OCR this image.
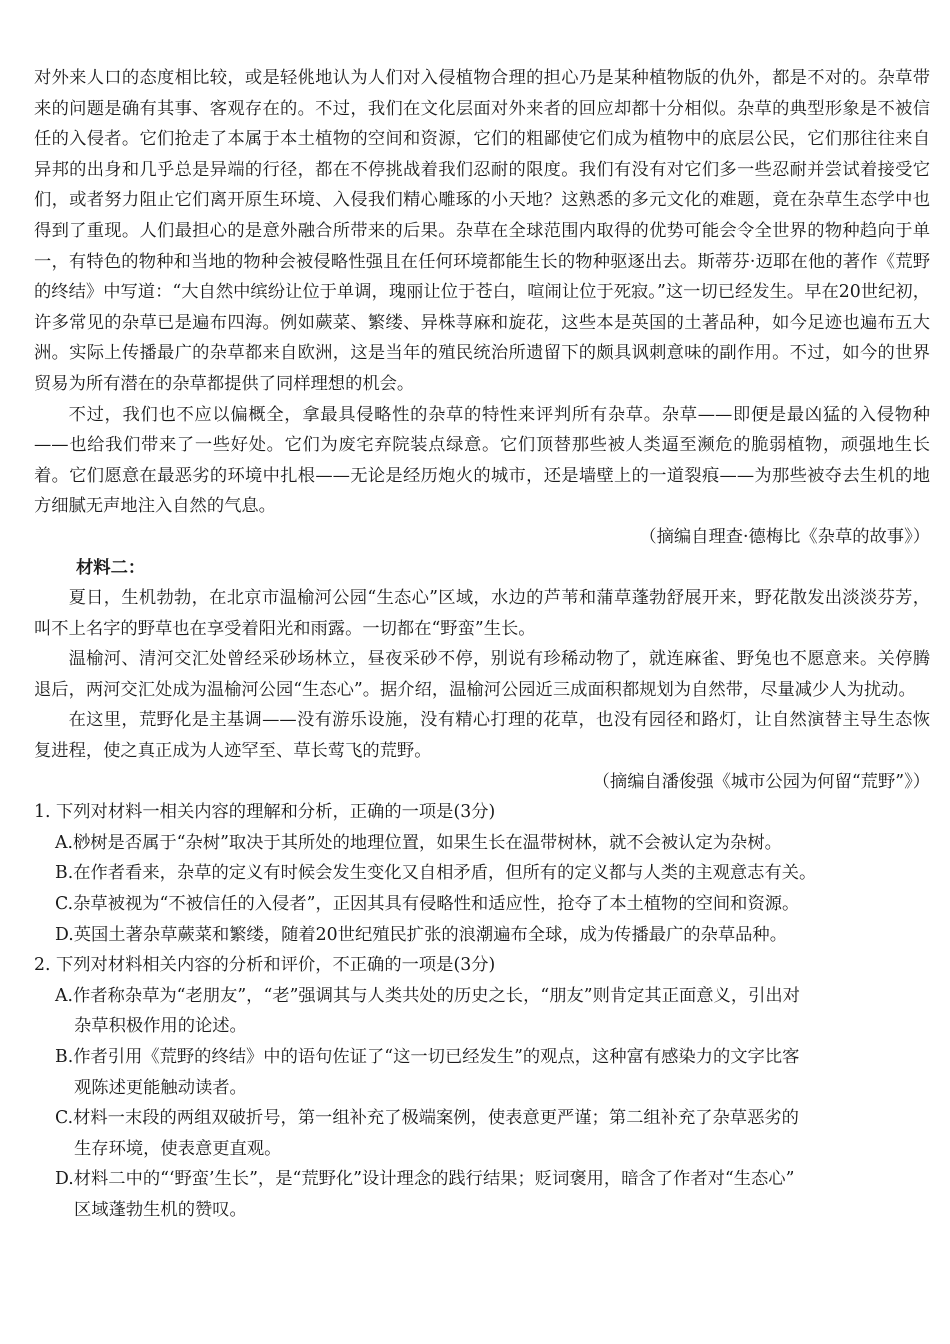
对外来人口的态度相比较，或是轻佻地认为人们对入侵植物合理的担心乃是某种植物版的仇外，都是不对的。杂草带来的问题是确有其事、客观存在的。不过，我们在文化层面对外来者的回应却都十分相似。杂草的典型形象是不被信任的入侵者。它们抢走了本属于本土植物的空间和资源，它们的粗鄙使它们成为植物中的底层公民，它们那往往来自异邦的出身和几乎总是异端的行径，都在不停挑战着我们忍耐的限度。我们有没有对它们多一些忍耐并尝试着接受它们，或者努力阻止它们离开原生环境、入侵我们精心雕琢的小天地？这熟悉的多元文化的难题，竟在杂草生态学中也得到了重现。人们最担心的是意外融合所带来的后果。杂草在全球范围内取得的优势可能会令全世界的物种趋向于单一，有特色的物种和当地的物种会被侵略性强且在任何环境都能生长的物种驱逐出去。斯蒂芬·迈耶在他的著作《荒野的终结》中写道：“大自然中缤纷让位于单调，瑰丽让位于苍白，喧闹让位于死寂。”这一切已经发生。早在20世纪初，许多常见的杂草已是遍布四海。例如蕨菜、繁缕、异株荨麻和旋花，这些本是英国的土著品种，如今足迹也遍布五大洲。实际上传播最广的杂草都来自欧洲，这是当年的殖民统治所遗留下的颇具讽刺意味的副作用。不过，如今的世界贸易为所有潜在的杂草都提供了同样理想的机会。

不过，我们也不应以偏概全，拿最具侵略性的杂草的特性来评判所有杂草。杂草——即便是最凶猛的入侵物种——也给我们带来了一些好处。它们为废宅弃院装点绿意。它们顶替那些被人类逼至濒危的脆弱植物，顽强地生长着。它们愿意在最恶劣的环境中扎根——无论是经历炮火的城市，还是墙壁上的一道裂痕——为那些被夺去生机的地方细腻无声地注入自然的气息。

（摘编自理查·德梅比《杂草的故事》）

材料二：

夏日，生机勃勃，在北京市温榆河公园“生态心”区域，水边的芦苇和蒲草蓬勃舒展开来，野花散发出淡淡芬芳，叫不上名字的野草也在享受着阳光和雨露。一切都在“野蛮”生长。

温榆河、清河交汇处曾经采砂场林立，昼夜采砂不停，别说有珍稀动物了，就连麻雀、野兔也不愿意来。关停腾退后，两河交汇处成为温榆河公园“生态心”。据介绍，温榆河公园近三成面积都规划为自然带，尽量减少人为扰动。

在这里，荒野化是主基调——没有游乐设施，没有精心打理的花草，也没有园径和路灯，让自然演替主导生态恢复进程，使之真正成为人迹罕至、草长莺飞的荒野。

（摘编自潘俊强《城市公园为何留“荒野”》）

1. 下列对材料一相关内容的理解和分析，正确的一项是(3分)

A.桫树是否属于“杂树”取决于其所处的地理位置，如果生长在温带树林，就不会被认定为杂树。

B.在作者看来，杂草的定义有时候会发生变化又自相矛盾，但所有的定义都与人类的主观意志有关。

C.杂草被视为“不被信任的入侵者”，正因其具有侵略性和适应性，抢夺了本土植物的空间和资源。

D.英国土著杂草蕨菜和繁缕，随着20世纪殖民扩张的浪潮遍布全球，成为传播最广的杂草品种。

2. 下列对材料相关内容的分析和评价，不正确的一项是(3分)

A.作者称杂草为“老朋友”，“老”强调其与人类共处的历史之长，“朋友”则肯定其正面意义，引出对
杂草积极作用的论述。

B.作者引用《荒野的终结》中的语句佐证了“这一切已经发生”的观点，这种富有感染力的文字比客
观陈述更能触动读者。

C.材料一末段的两组双破折号，第一组补充了极端案例，使表意更严谨；第二组补充了杂草恶劣的
生存环境，使表意更直观。

D.材料二中的“‘野蛮’生长”，是“荒野化”设计理念的践行结果；贬词褒用，暗含了作者对“生态心”
区域蓬勃生机的赞叹。
